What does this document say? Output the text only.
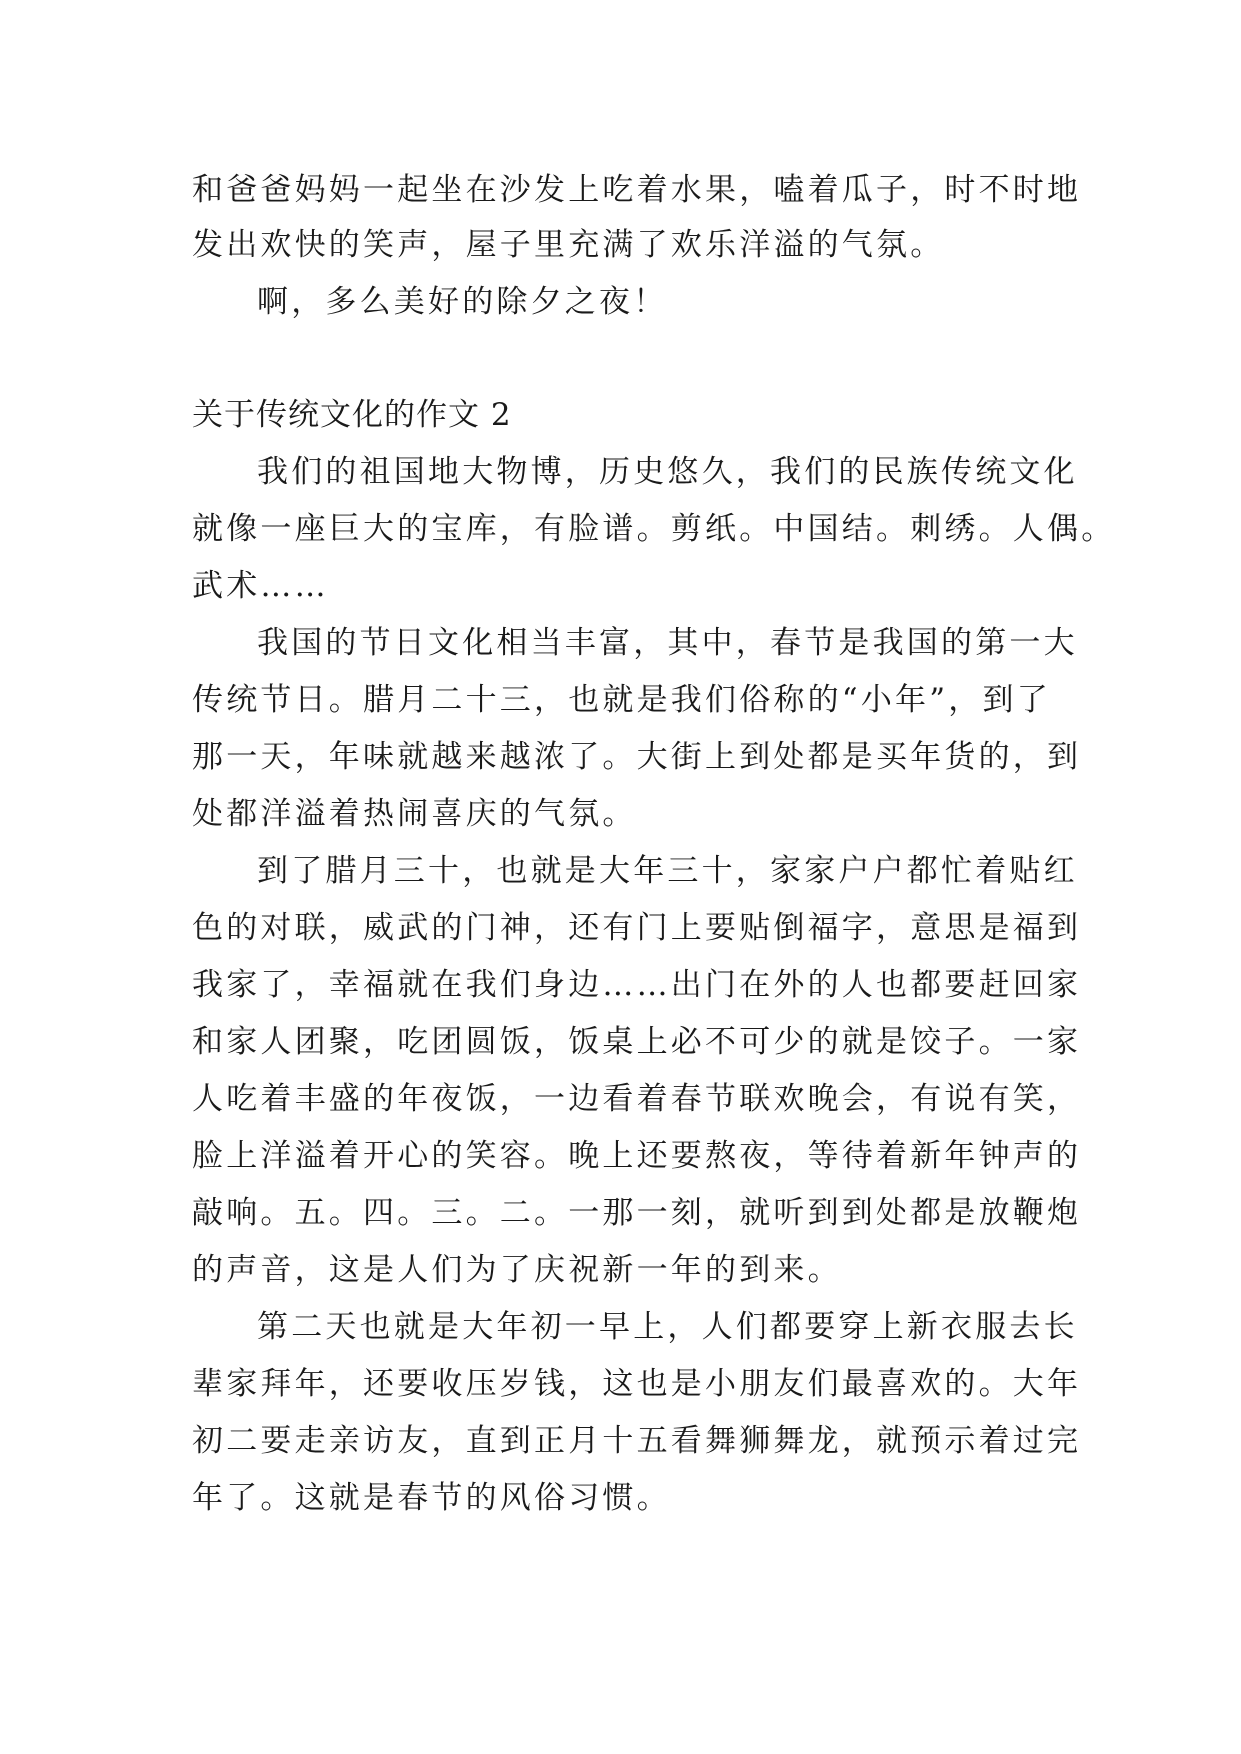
和爸爸妈妈一起坐在沙发上吃着水果，嗑着瓜子，时不时地
发出欢快的笑声，屋子里充满了欢乐洋溢的气氛。
啊，多么美好的除夕之夜！
关于传统文化的作文 2
我们的祖国地大物博，历史悠久，我们的民族传统文化
就像一座巨大的宝库，有脸谱。剪纸。中国结。刺绣。人偶。
武术……
我国的节日文化相当丰富，其中，春节是我国的第一大
传统节日。腊月二十三，也就是我们俗称的“小年”，到了
那一天，年味就越来越浓了。大街上到处都是买年货的，到
处都洋溢着热闹喜庆的气氛。
到了腊月三十，也就是大年三十，家家户户都忙着贴红
色的对联，威武的门神，还有门上要贴倒福字，意思是福到
我家了，幸福就在我们身边……出门在外的人也都要赶回家
和家人团聚，吃团圆饭，饭桌上必不可少的就是饺子。一家
人吃着丰盛的年夜饭，一边看着春节联欢晚会，有说有笑，
脸上洋溢着开心的笑容。晚上还要熬夜，等待着新年钟声的
敲响。五。四。三。二。一那一刻，就听到到处都是放鞭炮
的声音，这是人们为了庆祝新一年的到来。
第二天也就是大年初一早上，人们都要穿上新衣服去长
辈家拜年，还要收压岁钱，这也是小朋友们最喜欢的。大年
初二要走亲访友，直到正月十五看舞狮舞龙，就预示着过完
年了。这就是春节的风俗习惯。
